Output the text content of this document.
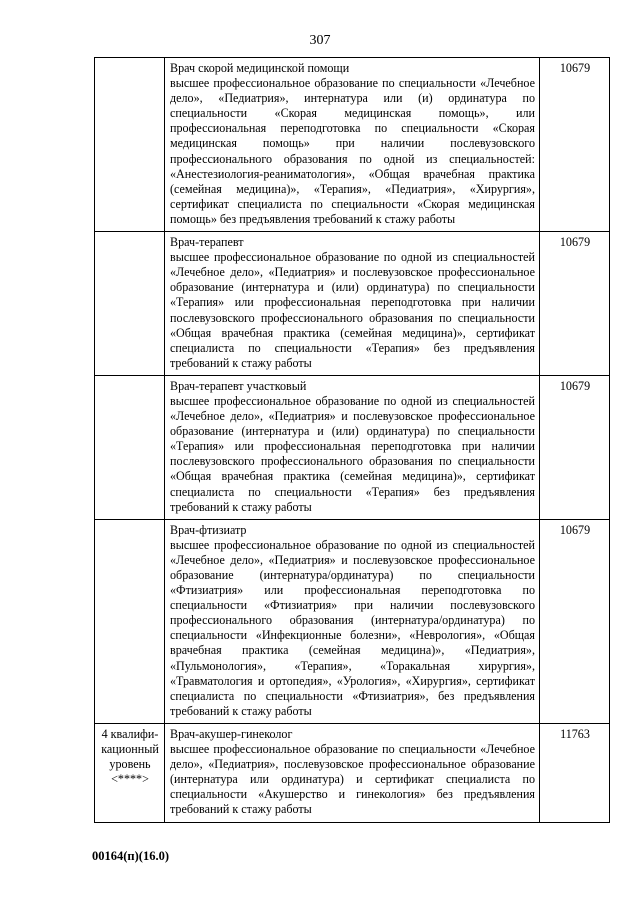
307

	Врач скорой медицинской помощи
высшее профессиональное образование по специальности «Лечебное дело», «Педиатрия», интернатура или (и) ординатура по специальности «Скорая медицинская помощь», или профессиональная переподготовка по специальности «Скорая медицинская помощь» при наличии послевузовского профессионального образования по одной из специальностей: «Анестезиология-реаниматология», «Общая врачебная практика (семейная медицина)», «Терапия», «Педиатрия», «Хирургия», сертификат специалиста по специальности «Скорая медицинская помощь» без предъявления требований к стажу работы	10679

	Врач-терапевт
высшее профессиональное образование по одной из специальностей «Лечебное дело», «Педиатрия» и послевузовское профессиональное образование (интернатура и (или) ординатура) по специальности «Терапия» или профессиональная переподготовка при наличии послевузовского профессионального образования по специальности «Общая врачебная практика (семейная медицина)», сертификат специалиста по специальности «Терапия» без предъявления требований к стажу работы	10679

	Врач-терапевт участковый
высшее профессиональное образование по одной из специальностей «Лечебное дело», «Педиатрия» и послевузовское профессиональное образование (интернатура и (или) ординатура) по специальности «Терапия» или профессиональная переподготовка при наличии послевузовского профессионального образования по специальности «Общая врачебная практика (семейная медицина)», сертификат специалиста по специальности «Терапия» без предъявления требований к стажу работы	10679

	Врач-фтизиатр
высшее профессиональное образование по одной из специальностей «Лечебное дело», «Педиатрия» и послевузовское профессиональное образование (интернатура/ординатура) по специальности «Фтизиатрия» или профессиональная переподготовка по специальности «Фтизиатрия» при наличии послевузовского профессионального образования (интернатура/ординатура) по специальности «Инфекционные болезни», «Неврология», «Общая врачебная практика (семейная медицина)», «Педиатрия», «Пульмонология», «Терапия», «Торакальная хирургия», «Травматология и ортопедия», «Урология», «Хирургия», сертификат специалиста по специальности «Фтизиатрия», без предъявления требований к стажу работы	10679
4 квалифи-кационный уровень <****>	Врач-акушер-гинеколог
высшее профессиональное образование по специальности «Лечебное дело», «Педиатрия», послевузовское профессиональное образование (интернатура или ординатура) и сертификат специалиста по специальности «Акушерство и гинекология» без предъявления требований к стажу работы	11763
00164(п)(16.0)
